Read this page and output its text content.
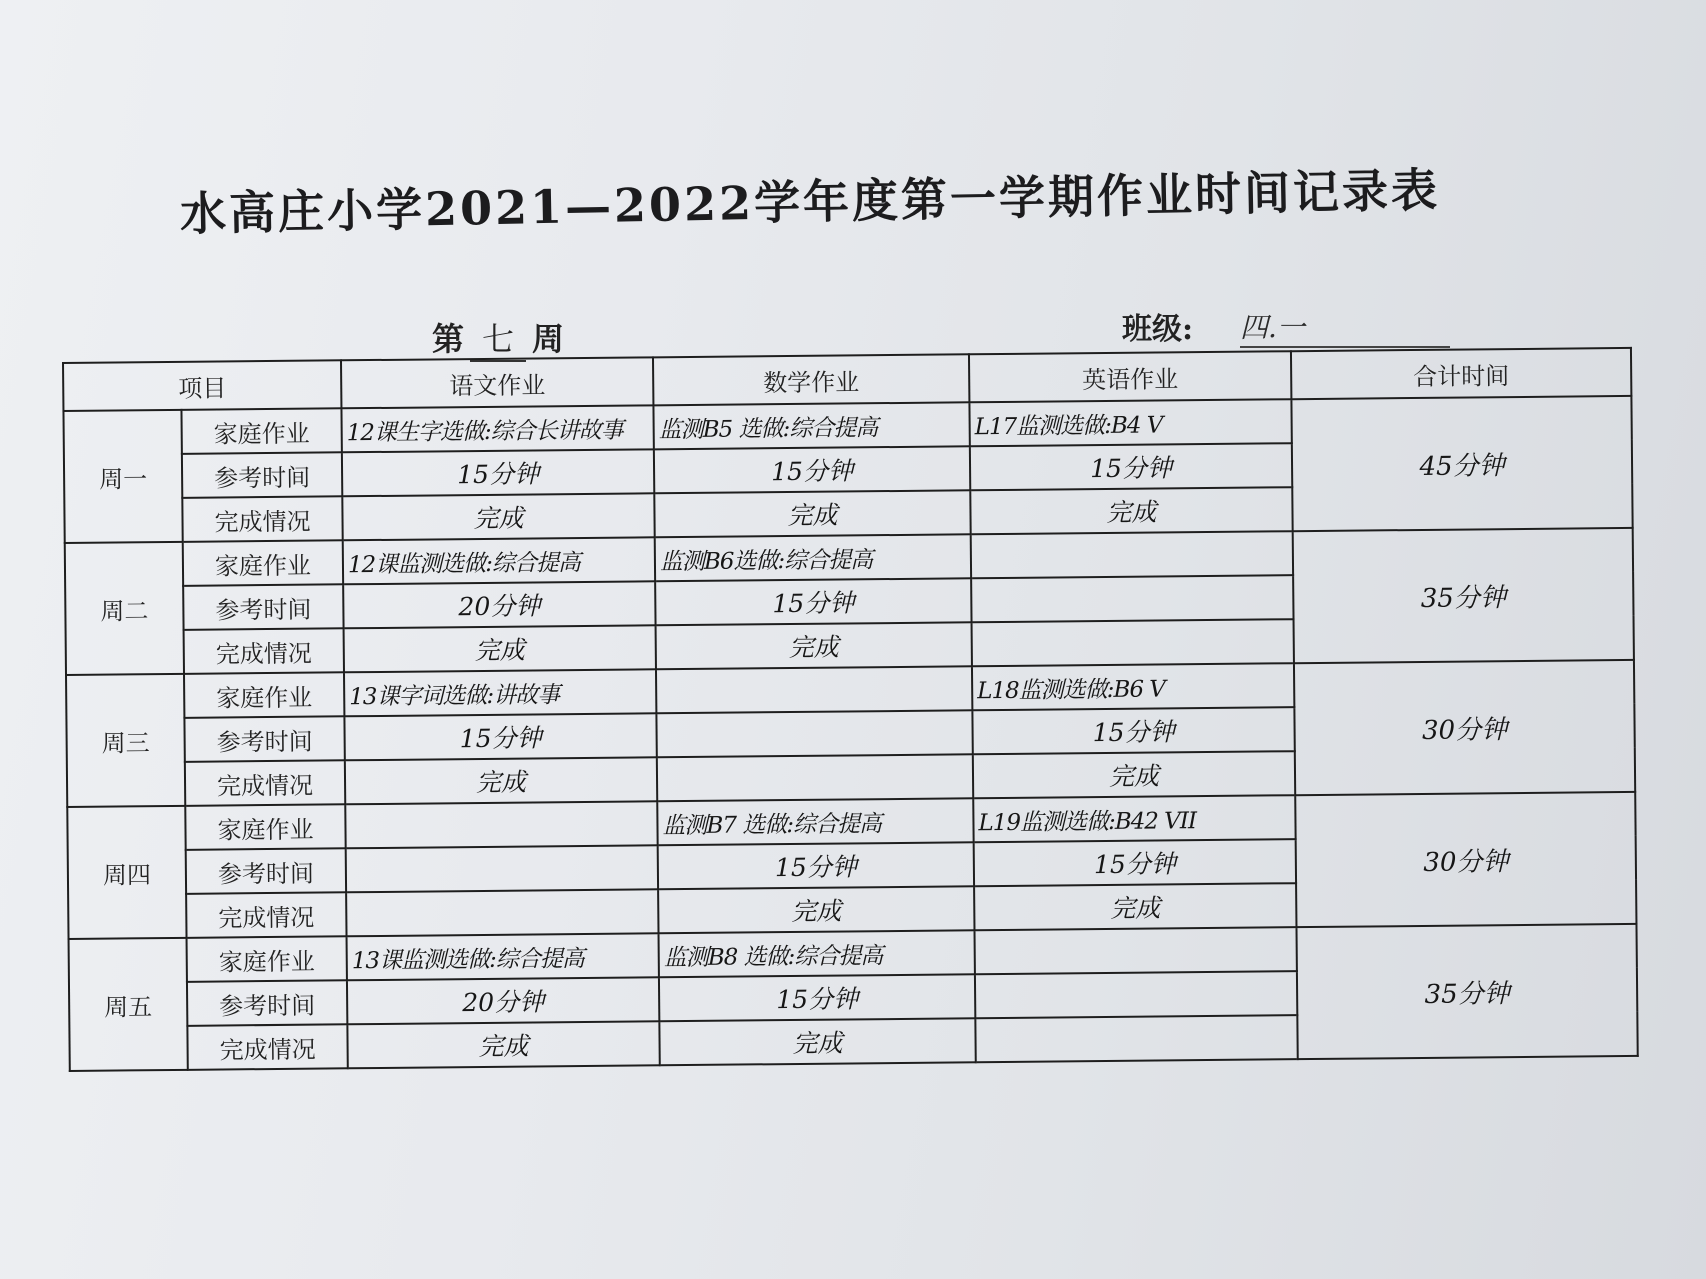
水高庄小学2021—2022学年度第一学期作业时间记录表
第 七 周	班级: 四.一
项目		语文作业	数学作业	英语作业	合计时间
周一	家庭作业	12课生字选做:综合长讲故事	监测B5 选做:综合提高	L17监测选做:B4 V	45分钟
	参考时间	15分钟	15分钟	15分钟	
	完成情况	完成	完成	完成	
周二	家庭作业	12课监测选做:综合提高	监测B6选做:综合提高		35分钟
	参考时间	20分钟	15分钟		
	完成情况	完成	完成		
周三	家庭作业	13课字词选做:讲故事		L18监测选做:B6 V	30分钟
	参考时间	15分钟		15分钟	
	完成情况	完成		完成	
周四	家庭作业		监测B7 选做:综合提高	L19监测选做:B42 VII	30分钟
	参考时间		15分钟	15分钟	
	完成情况		完成	完成	
周五	家庭作业	13课监测选做:综合提高	监测B8 选做:综合提高		35分钟
	参考时间	20分钟	15分钟		
	完成情况	完成	完成		
